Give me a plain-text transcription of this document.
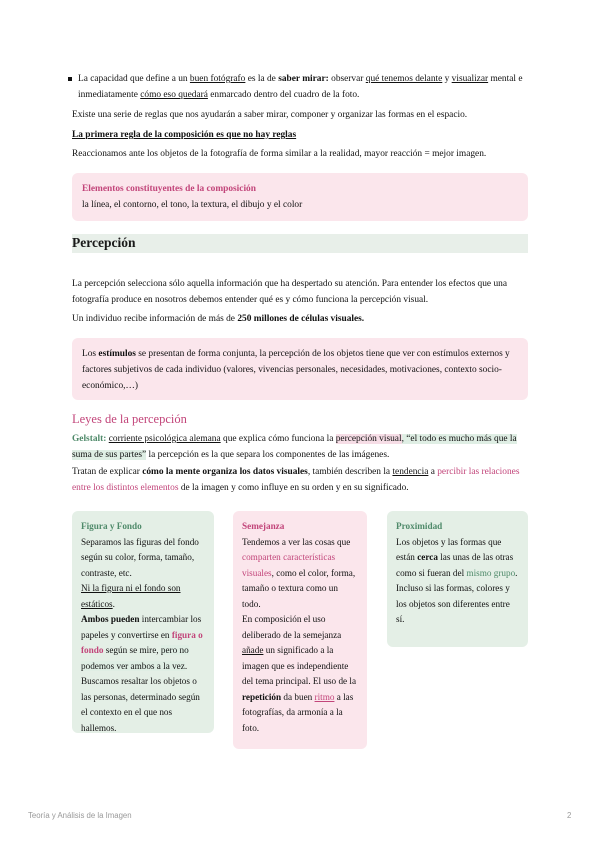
La capacidad que define a un buen fotógrafo es la de saber mirar: observar qué tenemos delante y visualizar mental e inmediatamente cómo eso quedará enmarcado dentro del cuadro de la foto.
Existe una serie de reglas que nos ayudarán a saber mirar, componer y organizar las formas en el espacio.
La primera regla de la composición es que no hay reglas
Reaccionamos ante los objetos de la fotografía de forma similar a la realidad, mayor reacción = mejor imagen.
Elementos constituyentes de la composición
la línea, el contorno, el tono, la textura, el dibujo y el color
Percepción
La percepción selecciona sólo aquella información que ha despertado su atención. Para entender los efectos que una fotografía produce en nosotros debemos entender qué es y cómo funciona la percepción visual.
Un individuo recibe información de más de 250 millones de células visuales.
Los estímulos se presentan de forma conjunta, la percepción de los objetos tiene que ver con estímulos externos y factores subjetivos de cada individuo (valores, vivencias personales, necesidades, motivaciones, contexto socio-económico,…)
Leyes de la percepción
Gelstalt: corriente psicológica alemana que explica cómo funciona la percepción visual, “el todo es mucho más que la suma de sus partes” la percepción es la que separa los componentes de las imágenes.
Tratan de explicar cómo la mente organiza los datos visuales, también describen la tendencia a percibir las relaciones entre los distintos elementos de la imagen y como influye en su orden y en su significado.
Figura y Fondo
Separamos las figuras del fondo según su color, forma, tamaño, contraste, etc.
Ni la figura ni el fondo son estáticos.
Ambos pueden intercambiar los papeles y convertirse en figura o fondo según se mire, pero no podemos ver ambos a la vez. Buscamos resaltar los objetos o las personas, determinado según el contexto en el que nos hallemos.
Semejanza
Tendemos a ver las cosas que comparten características visuales, como el color, forma, tamaño o textura como un todo.
En composición el uso deliberado de la semejanza añade un significado a la imagen que es independiente del tema principal. El uso de la repetición da buen ritmo a las fotografías, da armonía a la foto.
Proximidad
Los objetos y las formas que están cerca las unas de las otras como si fueran del mismo grupo.
Incluso si las formas, colores y los objetos son diferentes entre sí.
Teoría y Análisis de la Imagen	2
